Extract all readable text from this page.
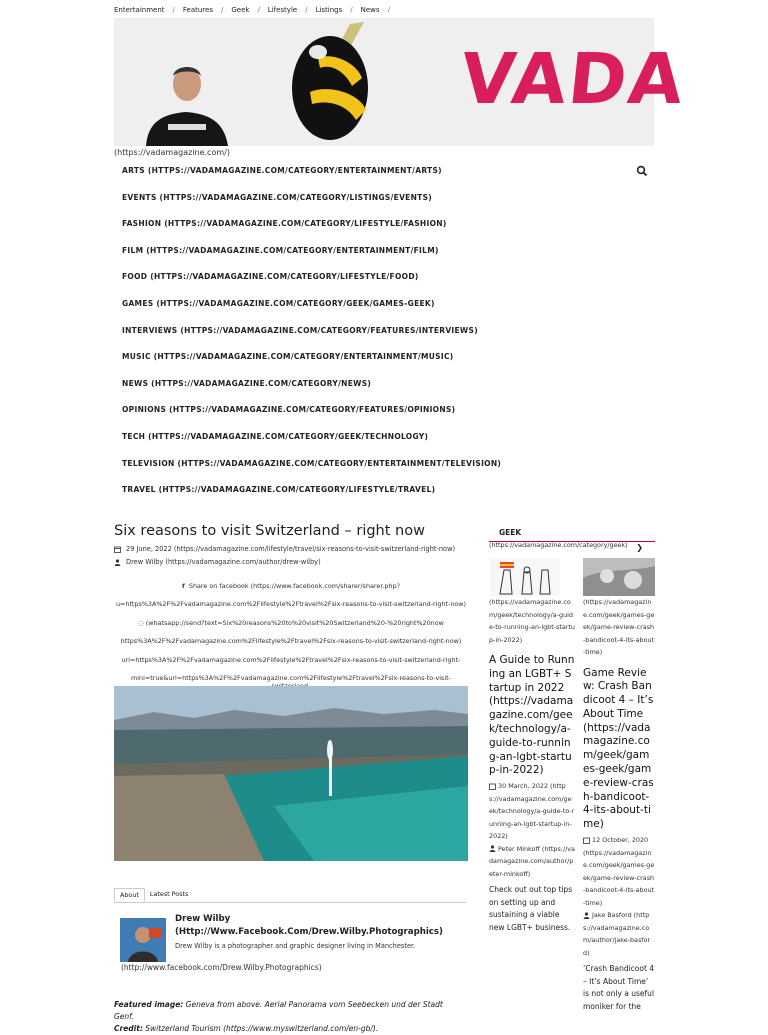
Entertainment / Features / Geek / Lifestyle / Listings / News /
VADA
(https://vadamagazine.com/)
ARTS (HTTPS://VADAMAGAZINE.COM/CATEGORY/ENTERTAINMENT/ARTS)
EVENTS (HTTPS://VADAMAGAZINE.COM/CATEGORY/LISTINGS/EVENTS)
FASHION (HTTPS://VADAMAGAZINE.COM/CATEGORY/LIFESTYLE/FASHION)
FILM (HTTPS://VADAMAGAZINE.COM/CATEGORY/ENTERTAINMENT/FILM)
FOOD (HTTPS://VADAMAGAZINE.COM/CATEGORY/LIFESTYLE/FOOD)
GAMES (HTTPS://VADAMAGAZINE.COM/CATEGORY/GEEK/GAMES-GEEK)
INTERVIEWS (HTTPS://VADAMAGAZINE.COM/CATEGORY/FEATURES/INTERVIEWS)
MUSIC (HTTPS://VADAMAGAZINE.COM/CATEGORY/ENTERTAINMENT/MUSIC)
NEWS (HTTPS://VADAMAGAZINE.COM/CATEGORY/NEWS)
OPINIONS (HTTPS://VADAMAGAZINE.COM/CATEGORY/FEATURES/OPINIONS)
TECH (HTTPS://VADAMAGAZINE.COM/CATEGORY/GEEK/TECHNOLOGY)
TELEVISION (HTTPS://VADAMAGAZINE.COM/CATEGORY/ENTERTAINMENT/TELEVISION)
TRAVEL (HTTPS://VADAMAGAZINE.COM/CATEGORY/LIFESTYLE/TRAVEL)
Six reasons to visit Switzerland – right now
29 June, 2022 (https://vadamagazine.com/lifestyle/travel/six-reasons-to-visit-switzerland-right-now)
Drew Wilby (https://vadamagazine.com/author/drew-wilby)
f Share on facebook (https://www.facebook.com/sharer/sharer.php?
u=https%3A%2F%2Fvadamagazine.com%2Flifestyle%2Ftravel%2Fsix-reasons-to-visit-switzerland-right-now)
◌ (whatsapp://send?text=Six%20reasons%20to%20visit%20Switzerland%20-%20right%20now
https%3A%2F%2Fvadamagazine.com%2Flifestyle%2Ftravel%2Fsix-reasons-to-visit-switzerland-right-now)
url=https%3A%2F%2Fvadamagazine.com%2Flifestyle%2Ftravel%2Fsix-reasons-to-visit-switzerland-right-
mini=true&url=https%3A%2F%2Fvadamagazine.com%2Flifestyle%2Ftravel%2Fsix-reasons-to-visit-
About	Latest Posts
Drew Wilby (Http://Www.Facebook.Com/Drew.Wilby.Photographics)
Drew Wilby is a photographer and graphic designer living in Manchester.
(http://www.facebook.com/Drew.Wilby.Photographics)
Featured image: Geneva from above. Aerial Panorama vom Seebecken und der Stadt Genf.
Credit: Switzerland Tourism (https://www.myswitzerland.com/en-gb/).
GEEK
❯
(https://vadamagazine.com/category/geek)
(https://vadamagazine.com/geek/technology/a-guide-to-running-an-lgbt-startup-in-2022)
A Guide to Running an LGBT+ Startup in 2022 (https://vadamagazine.com/geek/technology/a-guide-to-running-an-lgbt-startup-in-2022)
30 March, 2022 (https://vadamagazine.com/geek/technology/a-guide-to-running-an-lgbt-startup-in-2022)
Peter Minkoff (https://vadamagazine.com/author/peter-minkoff)

Check out out top tips on setting up and sustaining a viable new LGBT+ business.

(https://vadamagazine.com/geek/games-geek/game-review-crash-bandicoot-4-its-about-time)
Game Review: Crash Bandicoot 4 – It’s About Time (https://vadamagazine.com/geek/games-geek/game-review-crash-bandicoot-4-its-about-time)
12 October, 2020 (https://vadamagazine.com/geek/games-geek/game-review-crash-bandicoot-4-its-about-time)
Jake Basford (https://vadamagazine.com/author/jake-basford)

‘Crash Bandicoot 4 – It’s About Time’ is not only a useful moniker for the
